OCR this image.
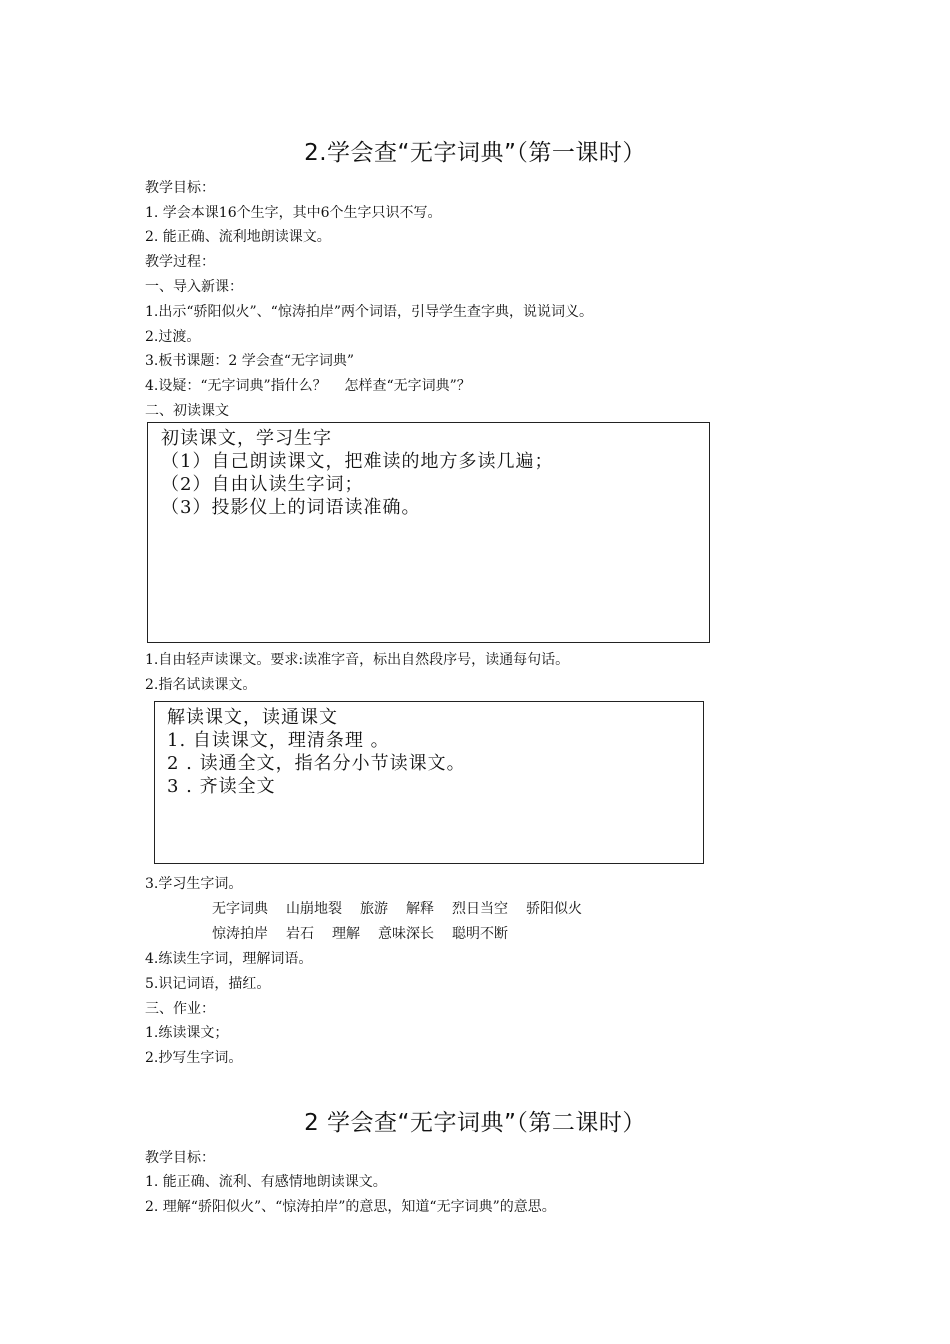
2.学会查“无字词典”（第一课时）
教学目标：
1. 学会本课16个生字，其中6个生字只识不写。
2. 能正确、流利地朗读课文。
教学过程：
一、导入新课：
1.出示“骄阳似火”、“惊涛拍岸”两个词语，引导学生查字典，说说词义。
2.过渡。
3.板书课题：2 学会查“无字词典”
4.设疑：“无字词典”指什么？    怎样查“无字词典”？
二、初读课文
初读课文，学习生字
（1）自己朗读课文，把难读的地方多读几遍；
（2）自由认读生字词；
（3）投影仪上的词语读准确。
1.自由轻声读课文。要求:读准字音，标出自然段序号，读通每句话。
2.指名试读课文。
解读课文，读通课文
1. 自读课文，理清条理 。
2 . 读通全文，指名分小节读课文。
3 . 齐读全文
3.学习生字词。
无字词典 山崩地裂 旅游 解释 烈日当空 骄阳似火
惊涛拍岸 岩石 理解 意味深长 聪明不断
4.练读生字词，理解词语。
5.识记词语，描红。
三、作业：
1.练读课文；
2.抄写生字词。
2 学会查“无字词典”（第二课时）
教学目标：
1. 能正确、流利、有感情地朗读课文。
2. 理解“骄阳似火”、“惊涛拍岸”的意思，知道“无字词典”的意思。
